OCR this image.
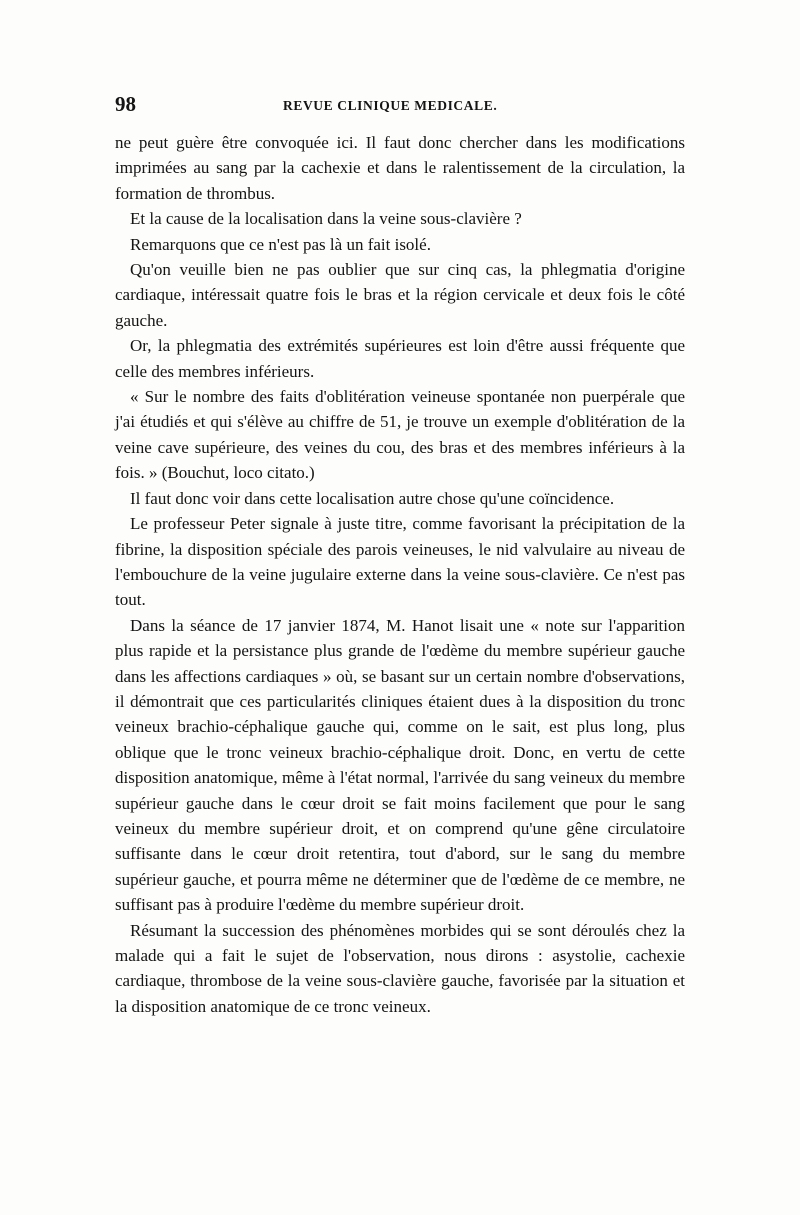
98	REVUE CLINIQUE MEDICALE.

ne peut guère être convoquée ici. Il faut donc chercher dans les modifications imprimées au sang par la cachexie et dans le ralentissement de la circulation, la formation de thrombus.

Et la cause de la localisation dans la veine sous-clavière ?

Remarquons que ce n'est pas là un fait isolé.

Qu'on veuille bien ne pas oublier que sur cinq cas, la phlegmatia d'origine cardiaque, intéressait quatre fois le bras et la région cervicale et deux fois le côté gauche.

Or, la phlegmatia des extrémités supérieures est loin d'être aussi fréquente que celle des membres inférieurs.

« Sur le nombre des faits d'oblitération veineuse spontanée non puerpérale que j'ai étudiés et qui s'élève au chiffre de 51, je trouve un exemple d'oblitération de la veine cave supérieure, des veines du cou, des bras et des membres inférieurs à la fois. » (Bouchut, loco citato.)

Il faut donc voir dans cette localisation autre chose qu'une coïncidence.

Le professeur Peter signale à juste titre, comme favorisant la précipitation de la fibrine, la disposition spéciale des parois veineuses, le nid valvulaire au niveau de l'embouchure de la veine jugulaire externe dans la veine sous-clavière. Ce n'est pas tout.

Dans la séance de 17 janvier 1874, M. Hanot lisait une « note sur l'apparition plus rapide et la persistance plus grande de l'œdème du membre supérieur gauche dans les affections cardiaques » où, se basant sur un certain nombre d'observations, il démontrait que ces particularités cliniques étaient dues à la disposition du tronc veineux brachio-céphalique gauche qui, comme on le sait, est plus long, plus oblique que le tronc veineux brachio-céphalique droit. Donc, en vertu de cette disposition anatomique, même à l'état normal, l'arrivée du sang veineux du membre supérieur gauche dans le cœur droit se fait moins facilement que pour le sang veineux du membre supérieur droit, et on comprend qu'une gêne circulatoire suffisante dans le cœur droit retentira, tout d'abord, sur le sang du membre supérieur gauche, et pourra même ne déterminer que de l'œdème de ce membre, ne suffisant pas à produire l'œdème du membre supérieur droit.

Résumant la succession des phénomènes morbides qui se sont déroulés chez la malade qui a fait le sujet de l'observation, nous dirons : asystolie, cachexie cardiaque, thrombose de la veine sous-clavière gauche, favorisée par la situation et la disposition anatomique de ce tronc veineux.
